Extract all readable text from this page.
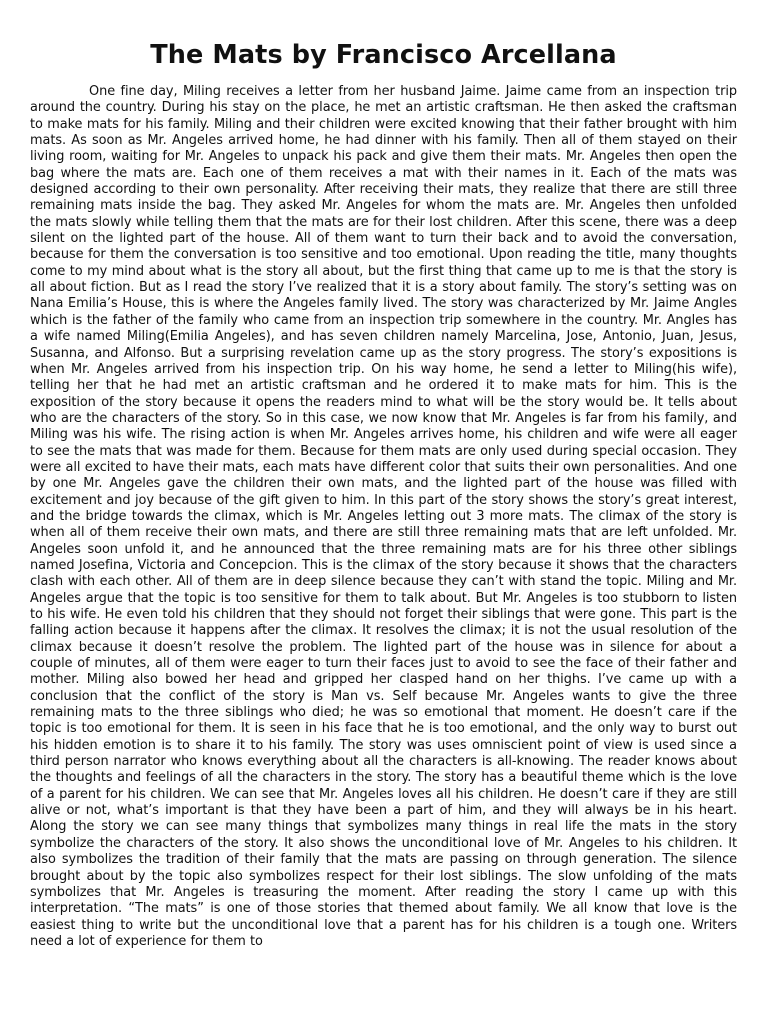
The Mats by Francisco Arcellana

One fine day, Miling receives a letter from her husband Jaime. Jaime came from an inspection trip around the country. During his stay on the place, he met an artistic craftsman. He then asked the craftsman to make mats for his family. Miling and their children were excited knowing that their father brought with him mats. As soon as Mr. Angeles arrived home, he had dinner with his family. Then all of them stayed on their living room, waiting for Mr. Angeles to unpack his pack and give them their mats. Mr. Angeles then open the bag where the mats are. Each one of them receives a mat with their names in it. Each of the mats was designed according to their own personality. After receiving their mats, they realize that there are still three remaining mats inside the bag. They asked Mr. Angeles for whom the mats are. Mr. Angeles then unfolded the mats slowly while telling them that the mats are for their lost children. After this scene, there was a deep silent on the lighted part of the house. All of them want to turn their back and to avoid the conversation, because for them the conversation is too sensitive and too emotional. Upon reading the title, many thoughts come to my mind about what is the story all about, but the first thing that came up to me is that the story is all about fiction. But as I read the story I’ve realized that it is a story about family. The story’s setting was on Nana Emilia’s House, this is where the Angeles family lived. The story was characterized by Mr. Jaime Angles which is the father of the family who came from an inspection trip somewhere in the country. Mr. Angles has a wife named Miling(Emilia Angeles), and has seven children namely Marcelina, Jose, Antonio, Juan, Jesus, Susanna, and Alfonso. But a surprising revelation came up as the story progress. The story’s expositions is when Mr. Angeles arrived from his inspection trip. On his way home, he send a letter to Miling(his wife), telling her that he had met an artistic craftsman and he ordered it to make mats for him. This is the exposition of the story because it opens the readers mind to what will be the story would be. It tells about who are the characters of the story. So in this case, we now know that Mr. Angeles is far from his family, and Miling was his wife. The rising action is when Mr. Angeles arrives home, his children and wife were all eager to see the mats that was made for them. Because for them mats are only used during special occasion. They were all excited to have their mats, each mats have different color that suits their own personalities. And one by one Mr. Angeles gave the children their own mats, and the lighted part of the house was filled with excitement and joy because of the gift given to him. In this part of the story shows the story’s great interest, and the bridge towards the climax, which is Mr. Angeles letting out 3 more mats. The climax of the story is when all of them receive their own mats, and there are still three remaining mats that are left unfolded. Mr. Angeles soon unfold it, and he announced that the three remaining mats are for his three other siblings named Josefina, Victoria and Concepcion. This is the climax of the story because it shows that the characters clash with each other. All of them are in deep silence because they can’t with stand the topic. Miling and Mr. Angeles argue that the topic is too sensitive for them to talk about. But Mr. Angeles is too stubborn to listen to his wife. He even told his children that they should not forget their siblings that were gone. This part is the falling action because it happens after the climax. It resolves the climax; it is not the usual resolution of the climax because it doesn’t resolve the problem. The lighted part of the house was in silence for about a couple of minutes, all of them were eager to turn their faces just to avoid to see the face of their father and mother. Miling also bowed her head and gripped her clasped hand on her thighs. I’ve came up with a conclusion that the conflict of the story is Man vs. Self because Mr. Angeles wants to give the three remaining mats to the three siblings who died; he was so emotional that moment. He doesn’t care if the topic is too emotional for them. It is seen in his face that he is too emotional, and the only way to burst out his hidden emotion is to share it to his family. The story was uses omniscient point of view is used since a third person narrator who knows everything about all the characters is all-knowing. The reader knows about the thoughts and feelings of all the characters in the story. The story has a beautiful theme which is the love of a parent for his children. We can see that Mr. Angeles loves all his children. He doesn’t care if they are still alive or not, what’s important is that they have been a part of him, and they will always be in his heart. Along the story we can see many things that symbolizes many things in real life the mats in the story symbolize the characters of the story. It also shows the unconditional love of Mr. Angeles to his children. It also symbolizes the tradition of their family that the mats are passing on through generation. The silence brought about by the topic also symbolizes respect for their lost siblings. The slow unfolding of the mats symbolizes that Mr. Angeles is treasuring the moment. After reading the story I came up with this interpretation. “The mats” is one of those stories that themed about family. We all know that love is the easiest thing to write but the unconditional love that a parent has for his children is a tough one. Writers need a lot of experience for them to
